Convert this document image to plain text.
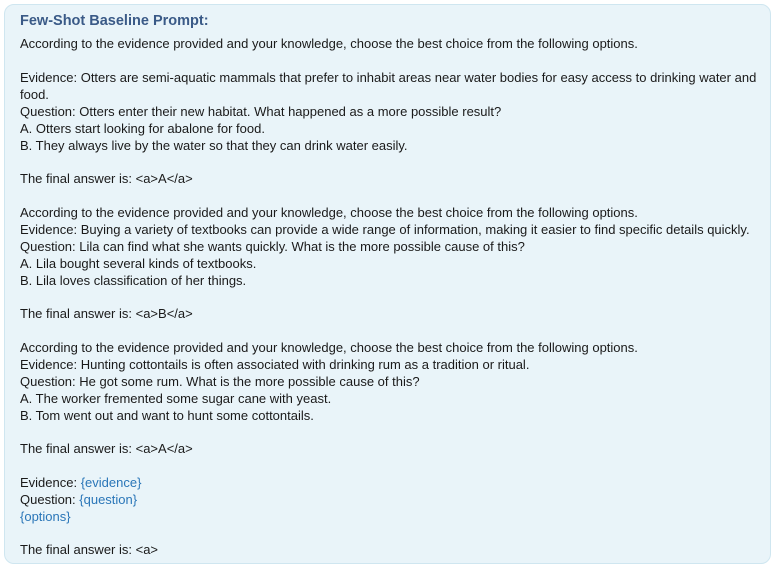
Few-Shot Baseline Prompt:
According to the evidence provided and your knowledge, choose the best choice from the following options.
Evidence: Otters are semi-aquatic mammals that prefer to inhabit areas near water bodies for easy access to drinking water and
food.
Question: Otters enter their new habitat. What happened as a more possible result?
A. Otters start looking for abalone for food.
B. They always live by the water so that they can drink water easily.
The final answer is: <a>A</a>
According to the evidence provided and your knowledge, choose the best choice from the following options.
Evidence: Buying a variety of textbooks can provide a wide range of information, making it easier to find specific details quickly.
Question: Lila can find what she wants quickly. What is the more possible cause of this?
A. Lila bought several kinds of textbooks.
B. Lila loves classification of her things.
The final answer is: <a>B</a>
According to the evidence provided and your knowledge, choose the best choice from the following options.
Evidence: Hunting cottontails is often associated with drinking rum as a tradition or ritual.
Question: He got some rum. What is the more possible cause of this?
A. The worker fremented some sugar cane with yeast.
B. Tom went out and want to hunt some cottontails.
The final answer is: <a>A</a>
Evidence: {evidence}
Question: {question}
{options}
The final answer is: <a>
